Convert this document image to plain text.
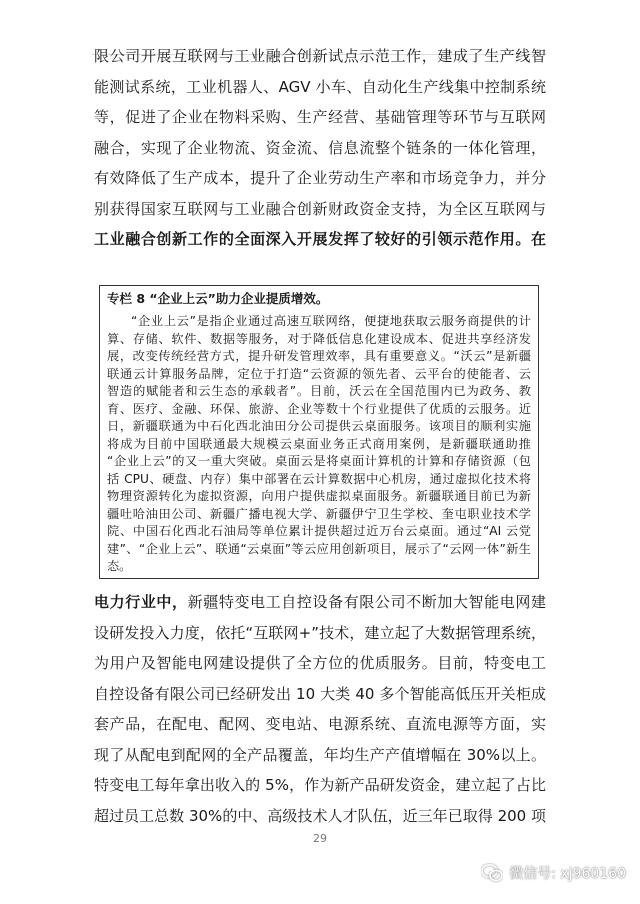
限公司开展互联网与工业融合创新试点示范工作，建成了生产线智
能测试系统，工业机器人、AGV 小车、自动化生产线集中控制系统
等，促进了企业在物料采购、生产经营、基础管理等环节与互联网
融合，实现了企业物流、资金流、信息流整个链条的一体化管理，
有效降低了生产成本，提升了企业劳动生产率和市场竞争力，并分
别获得国家互联网与工业融合创新财政资金支持，为全区互联网与
工业融合创新工作的全面深入开展发挥了较好的引领示范作用。在

专栏 8 “企业上云”助力企业提质增效。

“企业上云”是指企业通过高速互联网络，便捷地获取云服务商提供的计
算、存储、软件、数据等服务，对于降低信息化建设成本、促进共享经济发
展，改变传统经营方式，提升研发管理效率，具有重要意义。“沃云”是新疆
联通云计算服务品牌，定位于打造“云资源的领先者、云平台的使能者、云
智造的赋能者和云生态的承载者”。目前，沃云在全国范围内已为政务、教
育、医疗、金融、环保、旅游、企业等数十个行业提供了优质的云服务。近
日，新疆联通为中石化西北油田分公司提供云桌面服务。该项目的顺利实施
将成为目前中国联通最大规模云桌面业务正式商用案例，是新疆联通助推
“企业上云”的又一重大突破。桌面云是将桌面计算机的计算和存储资源（包
括 CPU、硬盘、内存）集中部署在云计算数据中心机房，通过虚拟化技术将
物理资源转化为虚拟资源，向用户提供虚拟桌面服务。新疆联通目前已为新
疆吐哈油田公司、新疆广播电视大学、新疆伊宁卫生学校、奎屯职业技术学
院、中国石化西北石油局等单位累计提供超过近万台云桌面。通过“AI 云党
建”、“企业上云”、联通“云桌面”等云应用创新项目，展示了“云网一体”新生
态。
电力行业中，新疆特变电工自控设备有限公司不断加大智能电网建
设研发投入力度，依托“互联网+”技术，建立起了大数据管理系统，
为用户及智能电网建设提供了全方位的优质服务。目前，特变电工
自控设备有限公司已经研发出 10 大类 40 多个智能高低压开关柜成
套产品，在配电、配网、变电站、电源系统、直流电源等方面，实
现了从配电到配网的全产品覆盖，年均生产产值增幅在 30%以上。
特变电工每年拿出收入的 5%，作为新产品研发资金，建立起了占比
超过员工总数 30%的中、高级技术人才队伍，近三年已取得 200 项
29
微信号: xj960160
